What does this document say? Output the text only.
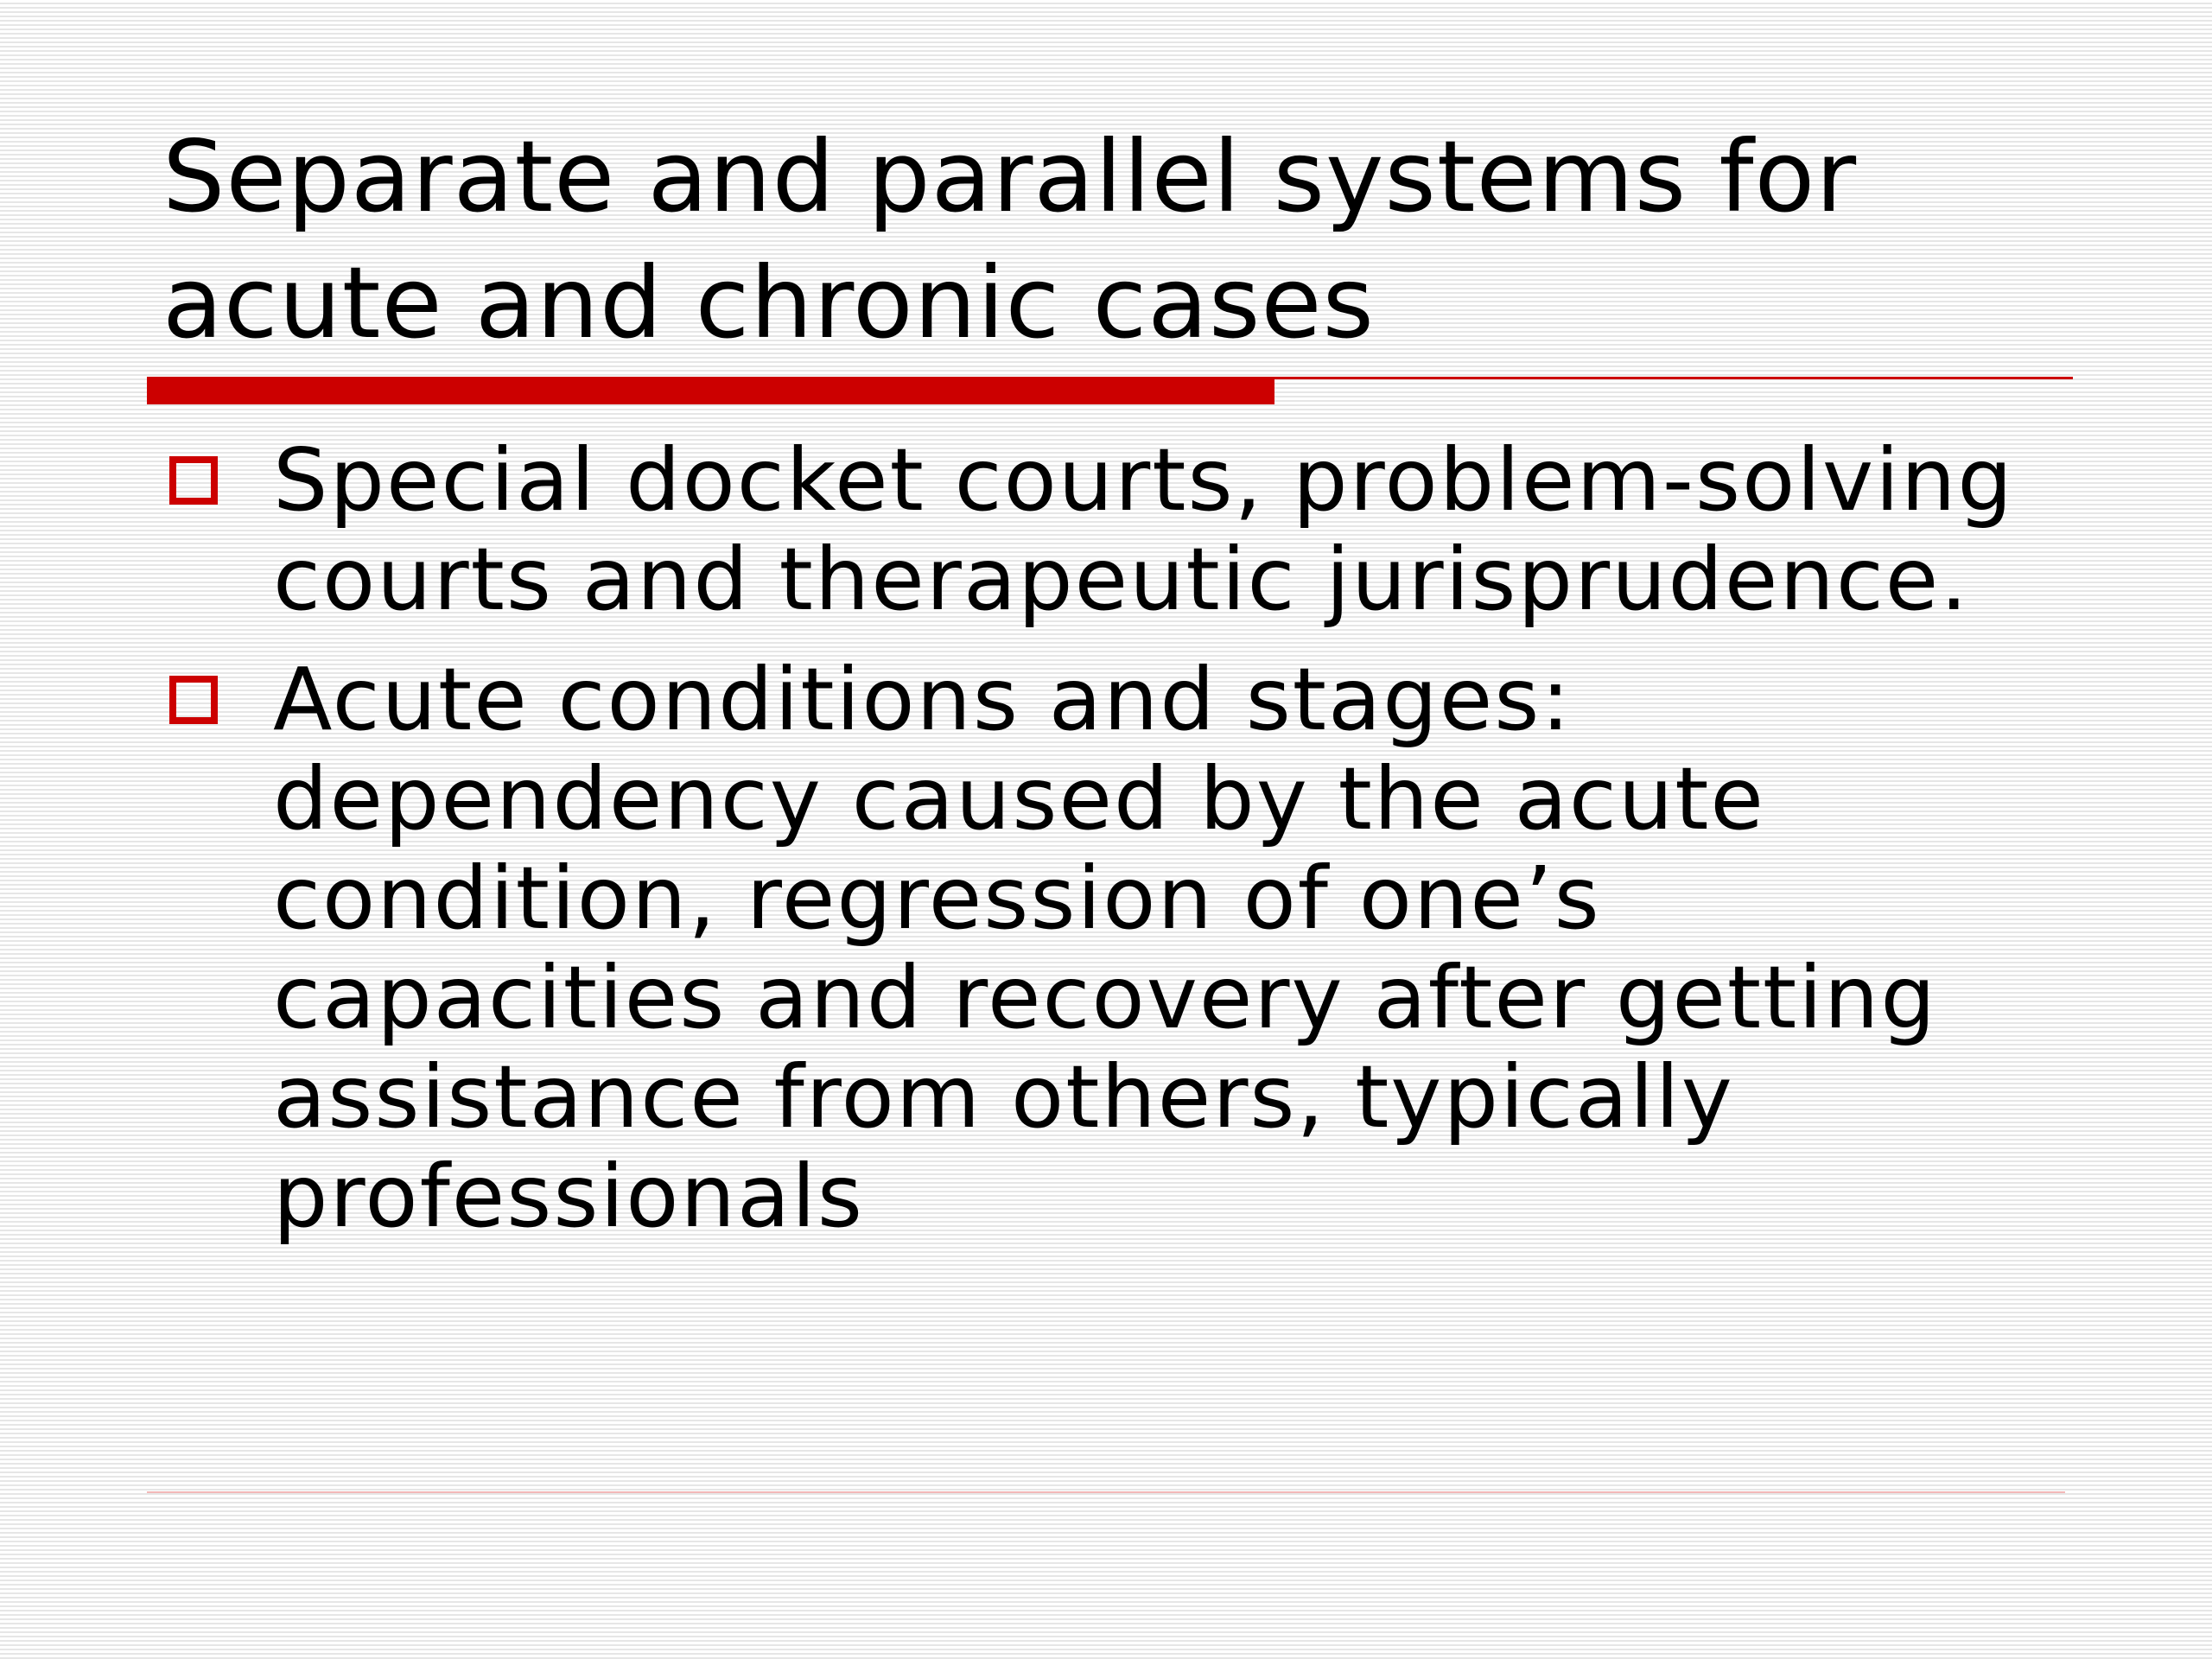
Separate and parallel systems for acute and chronic cases
Special docket courts, problem-solving courts and therapeutic jurisprudence.
Acute conditions and stages: dependency caused by the acute condition, regression of one’s capacities and recovery after getting assistance from others, typically professionals
